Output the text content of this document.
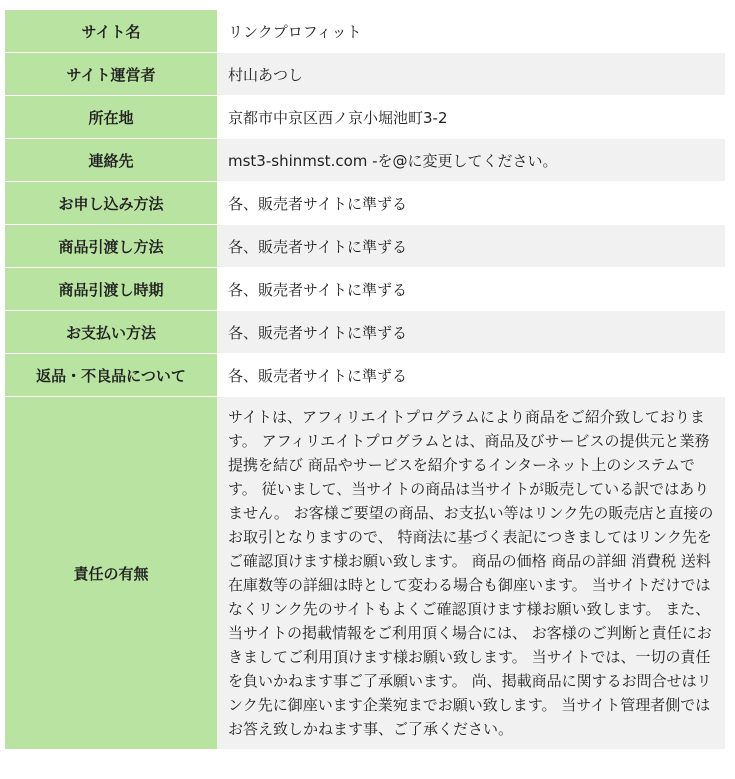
サイト名	リンクプロフィット
サイト運営者	村山あつし
所在地	京都市中京区西ノ京小堀池町3-2
連絡先	mst3-shinmst.com -を@に変更してください。
お申し込み方法	各、販売者サイトに準ずる
商品引渡し方法	各、販売者サイトに準ずる
商品引渡し時期	各、販売者サイトに準ずる
お支払い方法	各、販売者サイトに準ずる
返品・不良品について	各、販売者サイトに準ずる
責任の有無	サイトは、アフィリエイトプログラムにより商品をご紹介致しております。 アフィリエイトプログラムとは、商品及びサービスの提供元と業務提携を結び 商品やサービスを紹介するインターネット上のシステムです。 従いまして、当サイトの商品は当サイトが販売している訳ではありません。 お客様ご要望の商品、お支払い等はリンク先の販売店と直接のお取引となりますので、 特商法に基づく表記につきましてはリンク先をご確認頂けます様お願い致します。 商品の価格 商品の詳細 消費税 送料 在庫数等の詳細は時として変わる場合も御座います。 当サイトだけではなくリンク先のサイトもよくご確認頂けます様お願い致します。 また、当サイトの掲載情報をご利用頂く場合には、 お客様のご判断と責任におきましてご利用頂けます様お願い致します。 当サイトでは、一切の責任を負いかねます事ご了承願います。 尚、掲載商品に関するお問合せはリンク先に御座います企業宛までお願い致します。 当サイト管理者側ではお答え致しかねます事、ご了承ください。
